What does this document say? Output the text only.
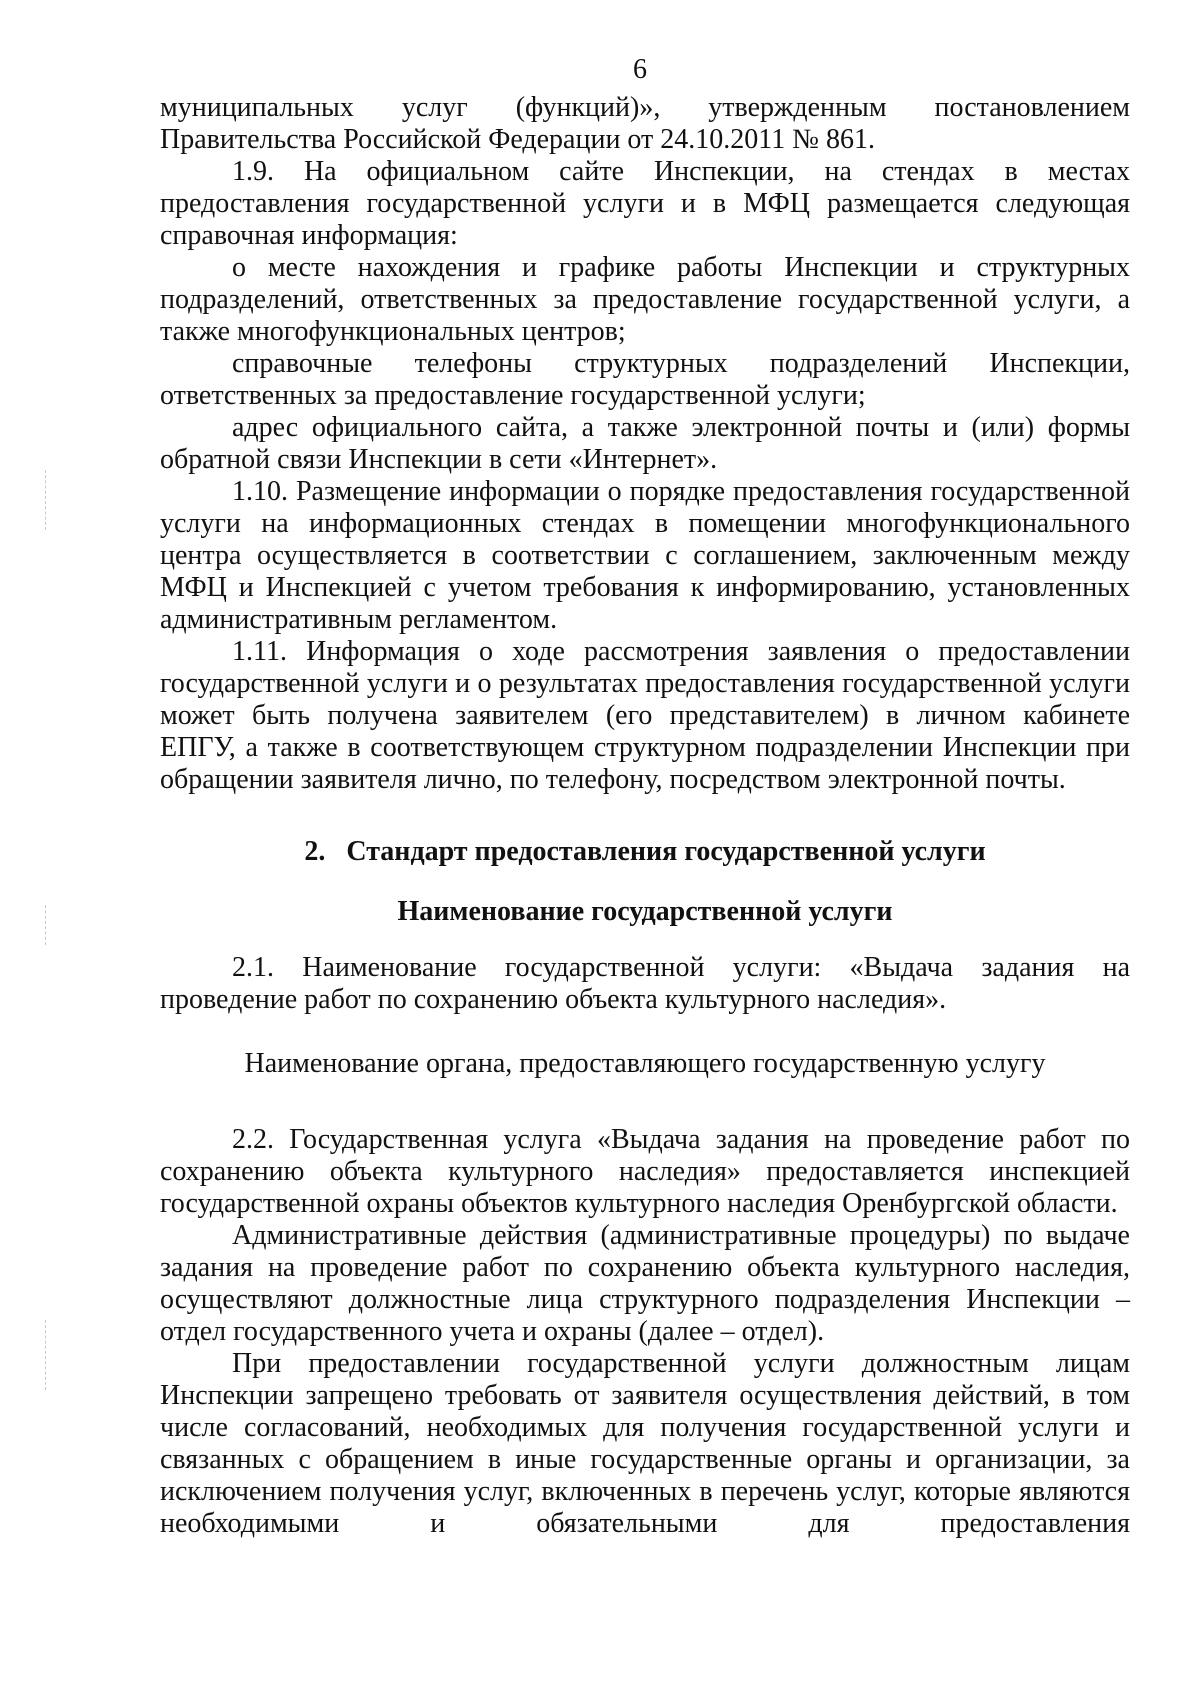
6

муниципальных услуг (функций)», утвержденным постановлением Правительства Российской Федерации от 24.10.2011 № 861.

1.9. На официальном сайте Инспекции, на стендах в местах предоставления государственной услуги и в МФЦ размещается следующая справочная информация:

о месте нахождения и графике работы Инспекции и структурных подразделений, ответственных за предоставление государственной услуги, а также многофункциональных центров;

справочные телефоны структурных подразделений Инспекции, ответственных за предоставление государственной услуги;

адрес официального сайта, а также электронной почты и (или) формы обратной связи Инспекции в сети «Интернет».

1.10. Размещение информации о порядке предоставления государственной услуги на информационных стендах в помещении многофункционального центра осуществляется в соответствии с соглашением, заключенным между МФЦ и Инспекцией с учетом требования к информированию, установленных административным регламентом.

1.11. Информация о ходе рассмотрения заявления о предоставлении государственной услуги и о результатах предоставления государственной услуги может быть получена заявителем (его представителем) в личном кабинете ЕПГУ, а также в соответствующем структурном подразделении Инспекции при обращении заявителя лично, по телефону, посредством электронной почты.

2.   Стандарт предоставления государственной услуги

Наименование государственной услуги

2.1. Наименование государственной услуги: «Выдача задания на проведение работ по сохранению объекта культурного наследия».

Наименование органа, предоставляющего государственную услугу

2.2. Государственная услуга «Выдача задания на проведение работ по сохранению объекта культурного наследия» предоставляется инспекцией государственной охраны объектов культурного наследия Оренбургской области.

Административные действия (административные процедуры) по выдаче задания на проведение работ по сохранению объекта культурного наследия, осуществляют должностные лица структурного подразделения Инспекции – отдел государственного учета и охраны (далее – отдел).

При предоставлении государственной услуги должностным лицам Инспекции запрещено требовать от заявителя осуществления действий, в том числе согласований, необходимых для получения государственной услуги и связанных с обращением в иные государственные органы и организации, за исключением получения услуг, включенных в перечень услуг, которые являются необходимыми и обязательными для предоставления
